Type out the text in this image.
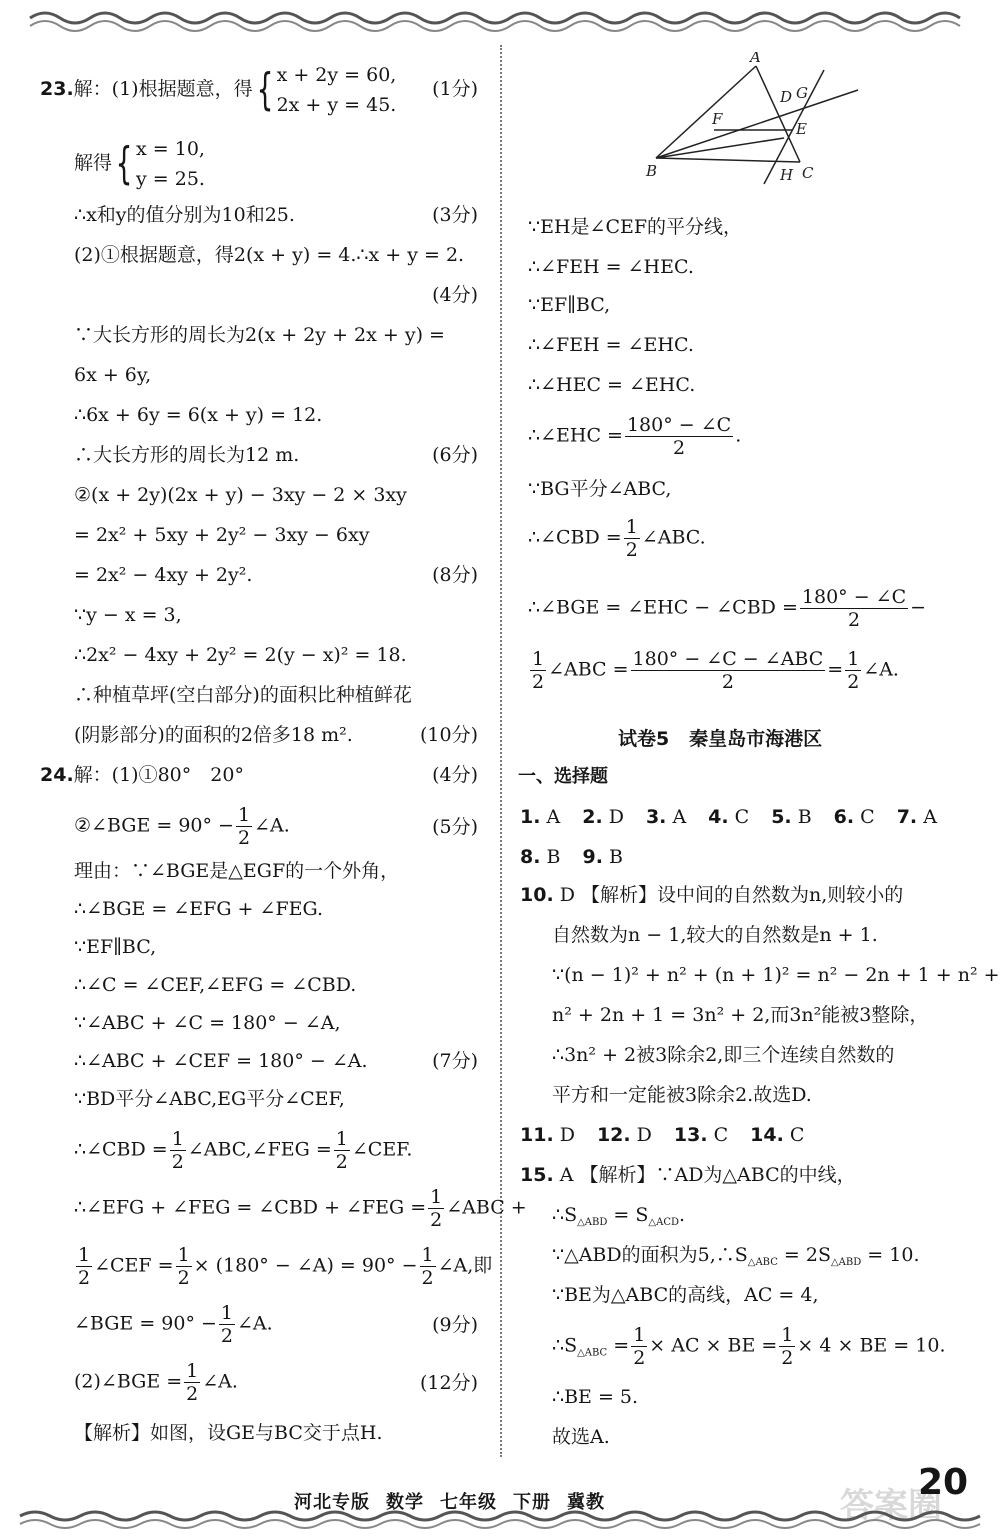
23.解：(1)根据题意，得{ x + 2y = 60,
2x + y = 45.
(1分)
解得{ x = 10,
y = 25.
∴x和y的值分别为10和25.	(3分)
(2)①根据题意，得2(x + y) = 4.∴x + y = 2.
(4分)
∵大长方形的周长为2(x + 2y + 2x + y) =
6x + 6y,
∴6x + 6y = 6(x + y) = 12.
∴大长方形的周长为12 m.	(6分)
②(x + 2y)(2x + y) − 3xy − 2 × 3xy
= 2x² + 5xy + 2y² − 3xy − 6xy
= 2x² − 4xy + 2y².	(8分)
∵y − x = 3,
∴2x² − 4xy + 2y² = 2(y − x)² = 18.
∴种植草坪(空白部分)的面积比种植鲜花
(阴影部分)的面积的2倍多18 m².	(10分)
24.解：(1)①80°　20°	(4分)
②∠BGE = $90^\circ - \frac{1}{2}$ ∠A.	(5分)
理由：∵∠BGE是△EGF的一个外角，
∴∠BGE = ∠EFG + ∠FEG.
∵EF∥BC,
∴∠C = ∠CEF,∠EFG = ∠CBD.
∵∠ABC + ∠C = 180° − ∠A,
∴∠ABC + ∠CEF = 180° − ∠A.	(7分)
∵BD平分∠ABC,EG平分∠CEF,
∴∠CBD = $\frac{1}{2}$ ∠ABC,∠FEG = $\frac{1}{2}$ ∠CEF.
∴∠EFG + ∠FEG = ∠CBD + ∠FEG = $\frac{1}{2}$ ∠ABC +
$\frac{1}{2}$ ∠CEF = $\frac{1}{2} \times (180^\circ$ − ∠A) = $90^\circ - \frac{1}{2}$ ∠A,即
∠BGE = $90^\circ - \frac{1}{2}$ ∠A.	(9分)
(2)∠BGE = $\frac{1}{2}$ ∠A.	(12分)
【解析】如图，设GE与BC交于点H.
A
D G
F
E
B	H C
∵EH是∠CEF的平分线，
∴∠FEH = ∠HEC.
∵EF∥BC,
∴∠FEH = ∠EHC.
∴∠HEC = ∠EHC.
∴∠EHC = $\frac{180^\circ - \angle C}{2}$ .
∵BG平分∠ABC,
∴∠CBD = $\frac{1}{2}$ ∠ABC.
∴∠BGE = ∠EHC − ∠CBD = $\frac{180^\circ - \angle C}{2}$ −
$\frac{1}{2}$ ∠ABC = $\frac{\text{180° − ∠C − ∠ABC}}{2} = \frac{1}{2}$ ∠A.
试卷5 秦皇岛市海港区
一、选择题
1. A 2. D 3. A 4. C 5. B 6. C 7. A
8. B 9. B
10. D 【解析】设中间的自然数为n,则较小的
自然数为n − 1,较大的自然数是n + 1.
∵(n − 1)² + n² + (n + 1)² = n² − 2n + 1 + n² +
n² + 2n + 1 = 3n² + 2,而3n²能被3整除，
∴3n² + 2被3除余2,即三个连续自然数的
平方和一定能被3除余2.故选D.
11. D 12. D 13. C 14. C
15. A 【解析】∵AD为△ABC的中线，
$\therefore S_{\triangle ABD} = S_{\triangle ACD}$.
∵△ABD的面积为$5,\therefore S_{\triangle ABC} = 2S_{\triangle ABD} = 10$.
∵BE为△ABC的高线，AC = 4,
$\therefore S_{\triangle ABC} = \frac{1}{2}$ × AC × BE = $\frac{1}{2} \times 4$ × BE = 10.
∴BE = 5.
故选A.
河北专版 数学 七年级 下册 冀教	答案圈
20
